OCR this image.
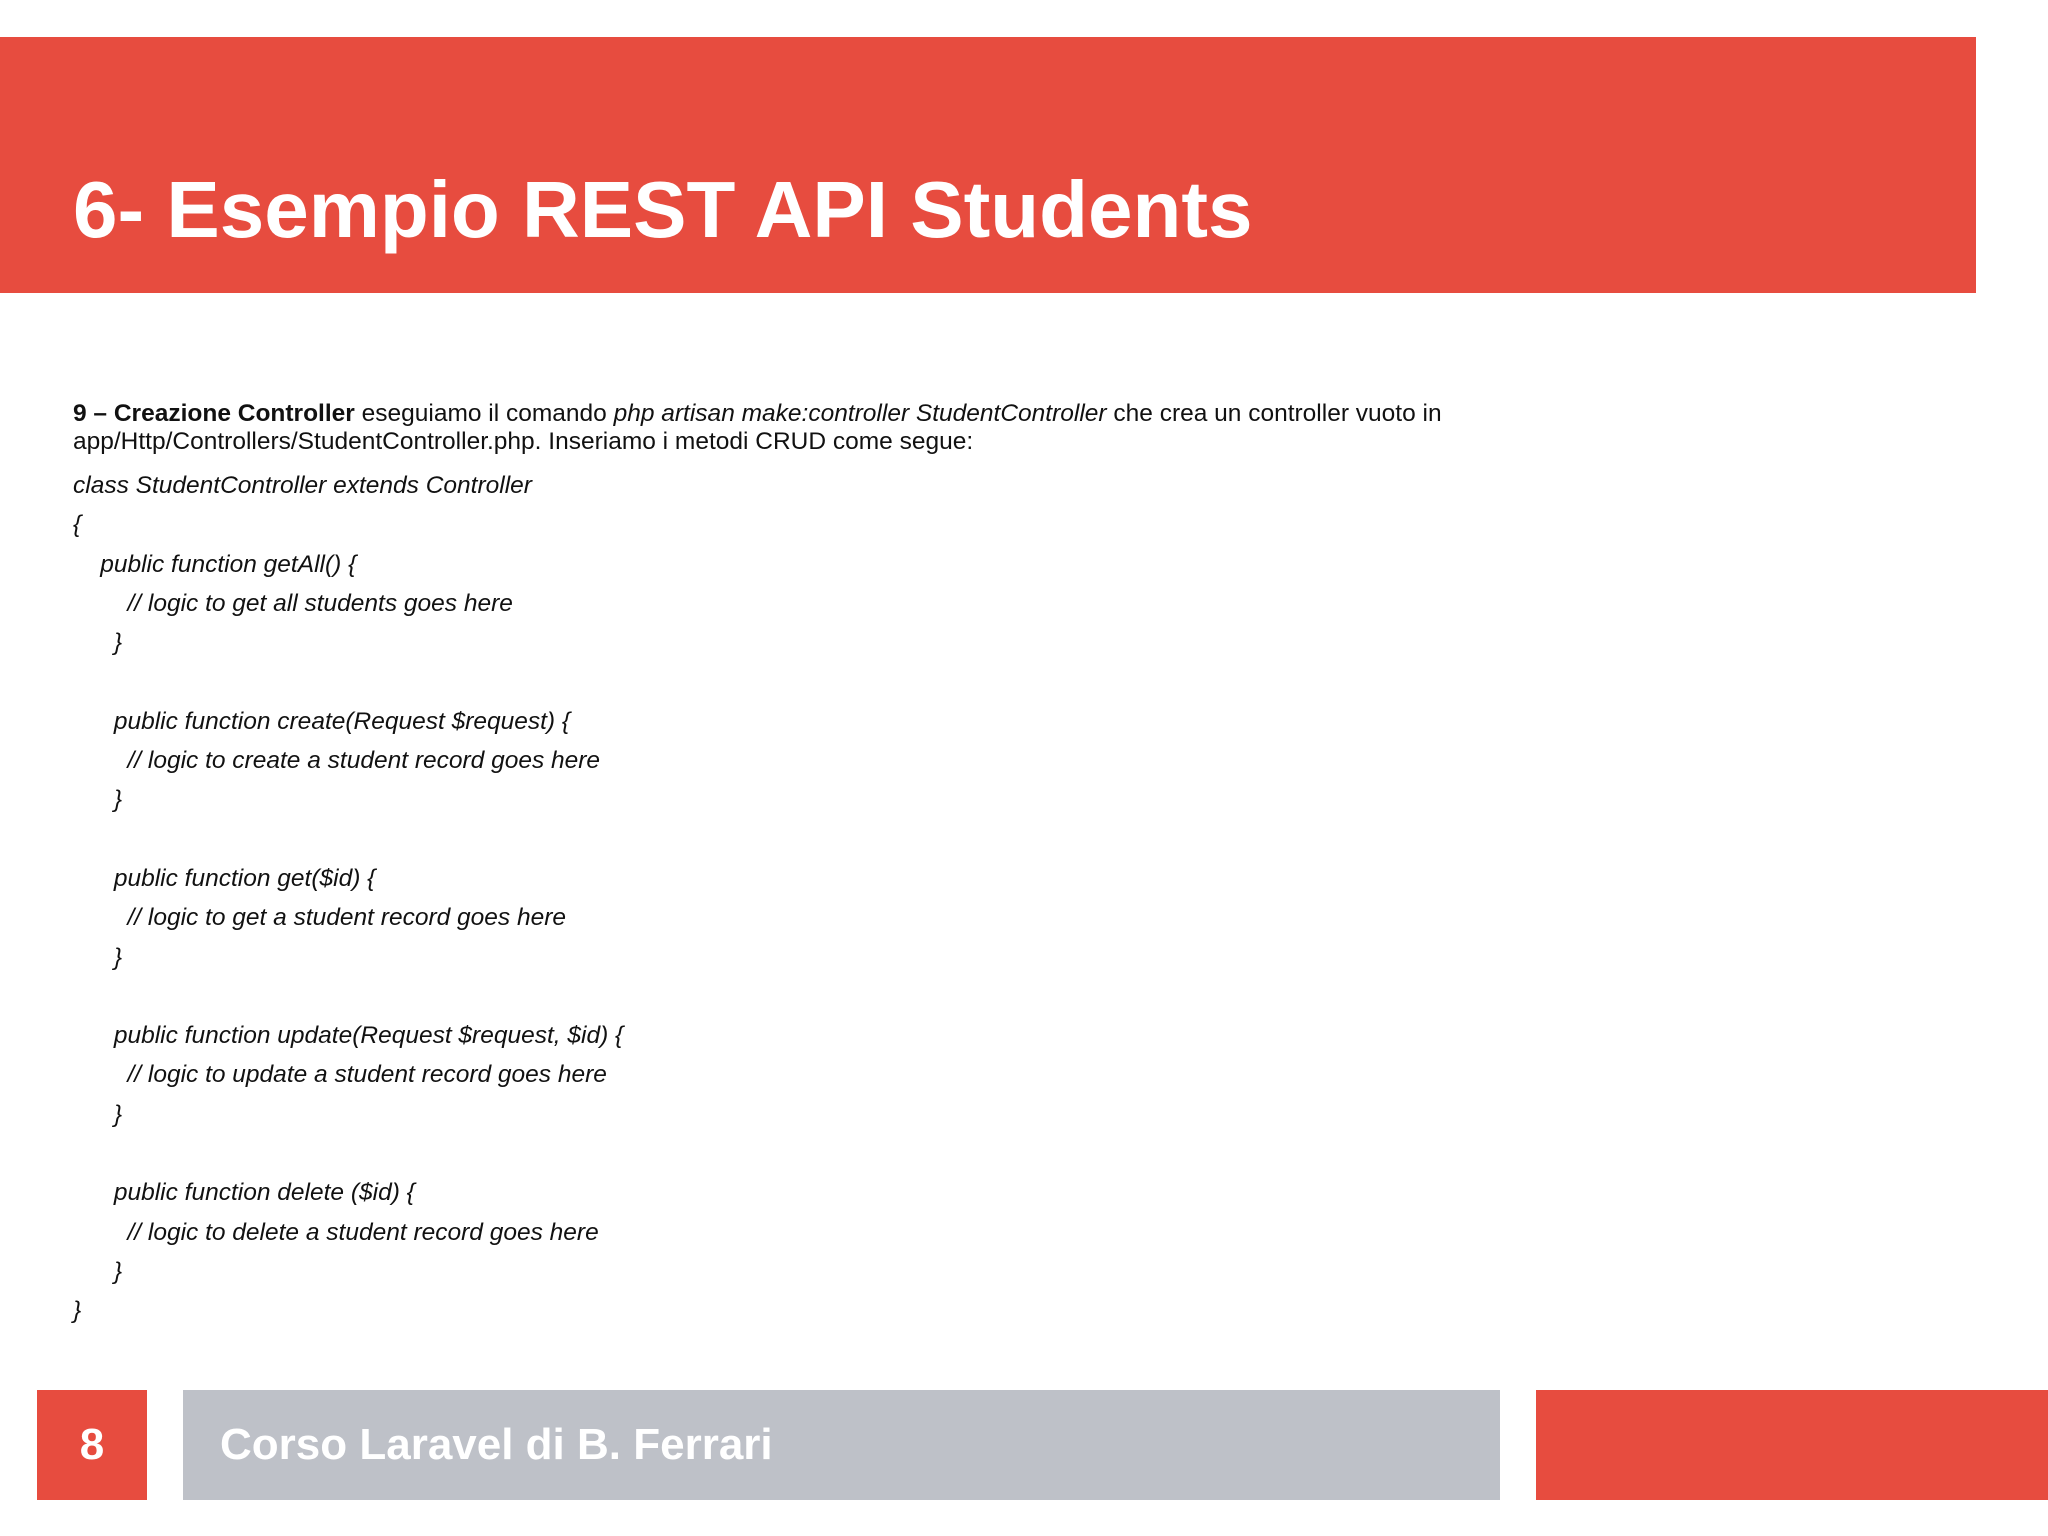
6- Esempio REST API Students

9 – Creazione Controller eseguiamo il comando php artisan make:controller StudentController che crea un controller vuoto in app/Http/Controllers/StudentController.php. Inseriamo i metodi CRUD come segue:

class StudentController extends Controller
{
public function getAll() {
// logic to get all students goes here
}
public function create(Request $request) {
// logic to create a student record goes here
}
public function get($id) {
// logic to get a student record goes here
}
public function update(Request $request, $id) {
// logic to update a student record goes here
}
public function delete ($id) {
// logic to delete a student record goes here
}
}
8	Corso Laravel di B. Ferrari
